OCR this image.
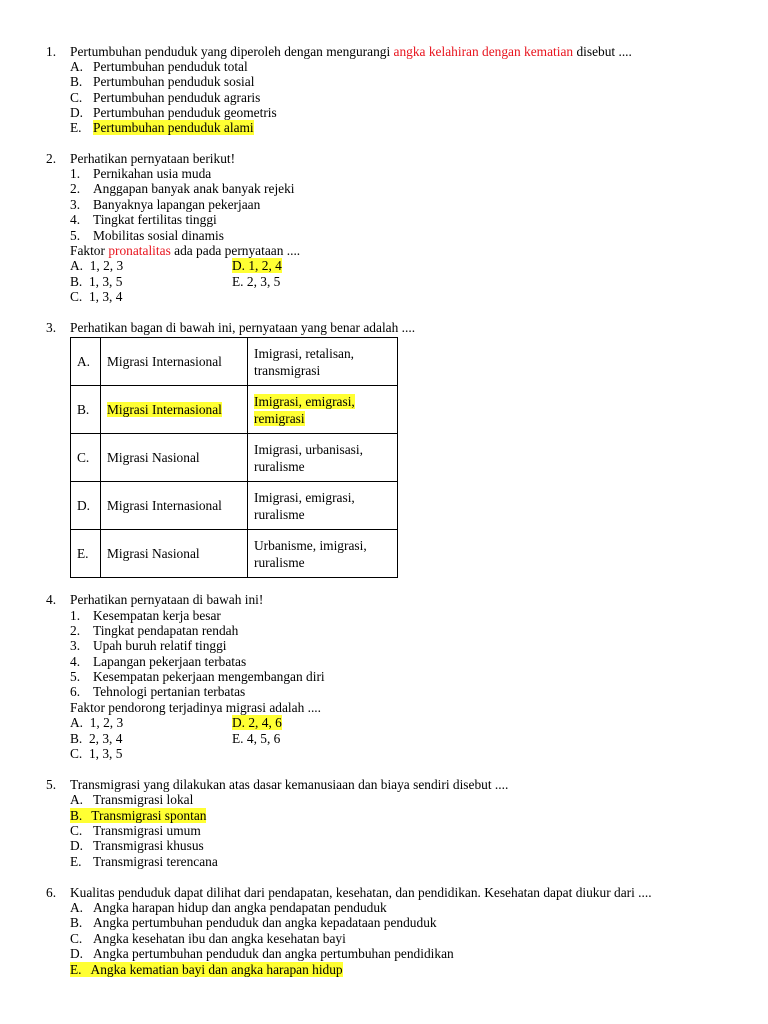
1. Pertumbuhan penduduk yang diperoleh dengan mengurangi angka kelahiran dengan kematian disebut ....
A. Pertumbuhan penduduk total
B. Pertumbuhan penduduk sosial
C. Pertumbuhan penduduk agraris
D. Pertumbuhan penduduk geometris
E. Pertumbuhan penduduk alami
2. Perhatikan pernyataan berikut!
1. Pernikahan usia muda
2. Anggapan banyak anak banyak rejeki
3. Banyaknya lapangan pekerjaan
4. Tingkat fertilitas tinggi
5. Mobilitas sosial dinamis
Faktor pronatalitas ada pada pernyataan ....
A.  1, 2, 3	D. 1, 2, 4
B.  1, 3, 5	E. 2, 3, 5
C.  1, 3, 4
3. Perhatikan bagan di bawah ini, pernyataan yang benar adalah ....
A.	Migrasi Internasional	Imigrasi, retalisan,
transmigrasi

B.	Migrasi Internasional	Imigrasi, emigrasi,
remigrasi

C.	Migrasi Nasional	Imigrasi, urbanisasi,
ruralisme

D.	Migrasi Internasional	Imigrasi, emigrasi,
ruralisme

E.	Migrasi Nasional	Urbanisme, imigrasi,
ruralisme
4. Perhatikan pernyataan di bawah ini!
1. Kesempatan kerja besar
2. Tingkat pendapatan rendah
3. Upah buruh relatif tinggi
4. Lapangan pekerjaan terbatas
5. Kesempatan pekerjaan mengembangan diri
6. Tehnologi pertanian terbatas
Faktor pendorong terjadinya migrasi adalah ....
A.  1, 2, 3	D. 2, 4, 6
B.  2, 3, 4	E. 4, 5, 6
C.  1, 3, 5
5. Transmigrasi yang dilakukan atas dasar kemanusiaan dan biaya sendiri disebut ....
A. Transmigrasi lokal
B. Transmigrasi spontan
C. Transmigrasi umum
D. Transmigrasi khusus
E. Transmigrasi terencana
6. Kualitas penduduk dapat dilihat dari pendapatan, kesehatan, dan pendidikan. Kesehatan dapat diukur dari ....
A. Angka harapan hidup dan angka pendapatan penduduk
B. Angka pertumbuhan penduduk dan angka kepadataan penduduk
C. Angka kesehatan ibu dan angka kesehatan bayi
D. Angka pertumbuhan penduduk dan angka pertumbuhan pendidikan
E. Angka kematian bayi dan angka harapan hidup
